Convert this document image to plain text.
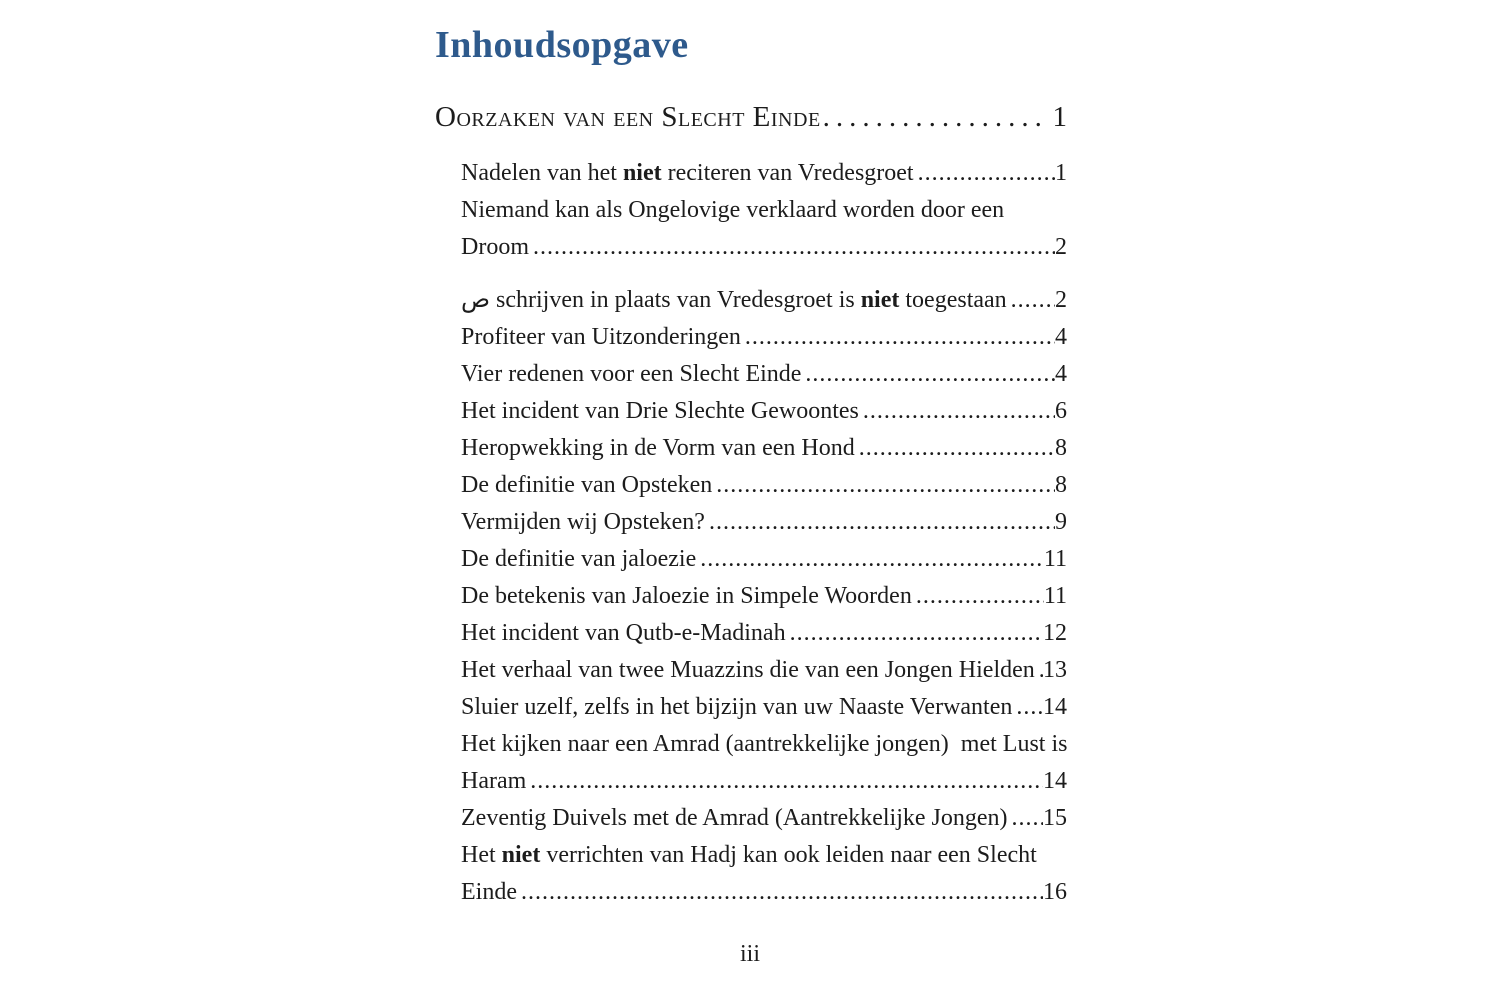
Inhoudsopgave
Oorzaken van een Slecht Einde .....	1
Nadelen van het niet reciteren van Vredesgroet .....	1
Niemand kan als Ongelovige verklaard worden door een
Droom .....	2
ص schrijven in plaats van Vredesgroet is niet toegestaan ..... 2
Profiteer van Uitzonderingen .....	4
Vier redenen voor een Slecht Einde .....	4
Het incident van Drie Slechte Gewoontes .....	6
Heropwekking in de Vorm van een Hond .....	8
De definitie van Opsteken .....	8
Vermijden wij Opsteken? .....	9
De definitie van jaloezie .....	11
De betekenis van Jaloezie in Simpele Woorden .....	11
Het incident van Qutb-e-Madinah .....	12
Het verhaal van twee Muazzins die van een Jongen Hielden ..... 13
Sluier uzelf, zelfs in het bijzijn van uw Naaste Verwanten ..... 14
Het kijken naar een Amrad (aantrekkelijke jongen)  met Lust is
Haram .....	14
Zeventig Duivels met de Amrad (Aantrekkelijke Jongen) ..... 15
Het niet verrichten van Hadj kan ook leiden naar een Slecht
Einde .....	16
iii
